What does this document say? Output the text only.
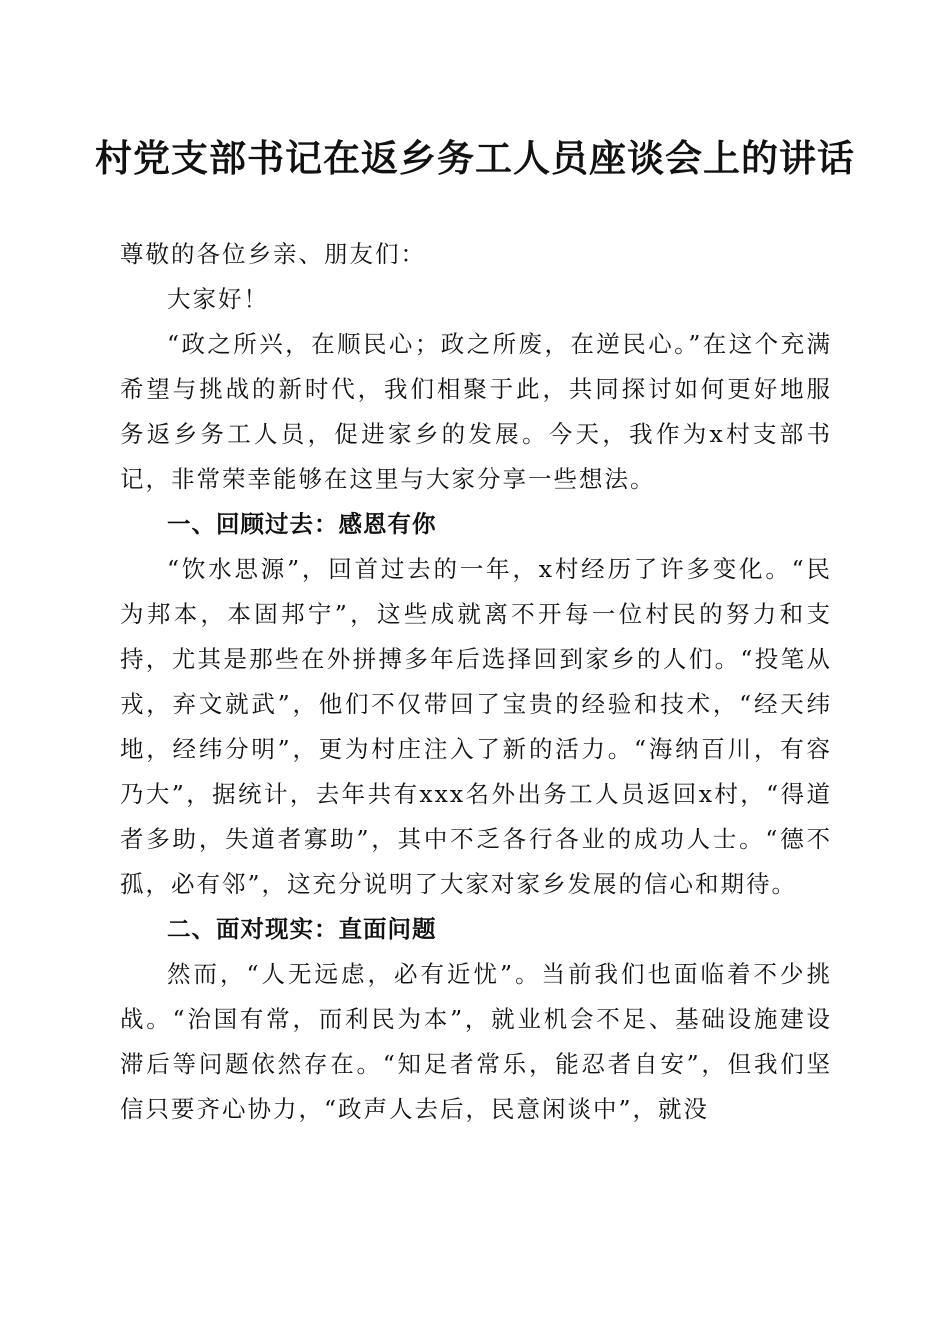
村党支部书记在返乡务工人员座谈会上的讲话

尊敬的各位乡亲、朋友们：

大家好！

“政之所兴，在顺民心；政之所废，在逆民心。”在这个充满希望与挑战的新时代，我们相聚于此，共同探讨如何更好地服务返乡务工人员，促进家乡的发展。今天，我作为x村支部书记，非常荣幸能够在这里与大家分享一些想法。

一、回顾过去：感恩有你

“饮水思源”，回首过去的一年，x村经历了许多变化。“民为邦本，本固邦宁”，这些成就离不开每一位村民的努力和支持，尤其是那些在外拼搏多年后选择回到家乡的人们。“投笔从戎，弃文就武”，他们不仅带回了宝贵的经验和技术，“经天纬地，经纬分明”，更为村庄注入了新的活力。“海纳百川，有容乃大”，据统计，去年共有xxx名外出务工人员返回x村，“得道者多助，失道者寡助”，其中不乏各行各业的成功人士。“德不孤，必有邻”，这充分说明了大家对家乡发展的信心和期待。

二、面对现实：直面问题

然而，“人无远虑，必有近忧”。当前我们也面临着不少挑战。“治国有常，而利民为本”，就业机会不足、基础设施建设滞后等问题依然存在。“知足者常乐，能忍者自安”，但我们坚信只要齐心协力，“政声人去后，民意闲谈中”，就没
